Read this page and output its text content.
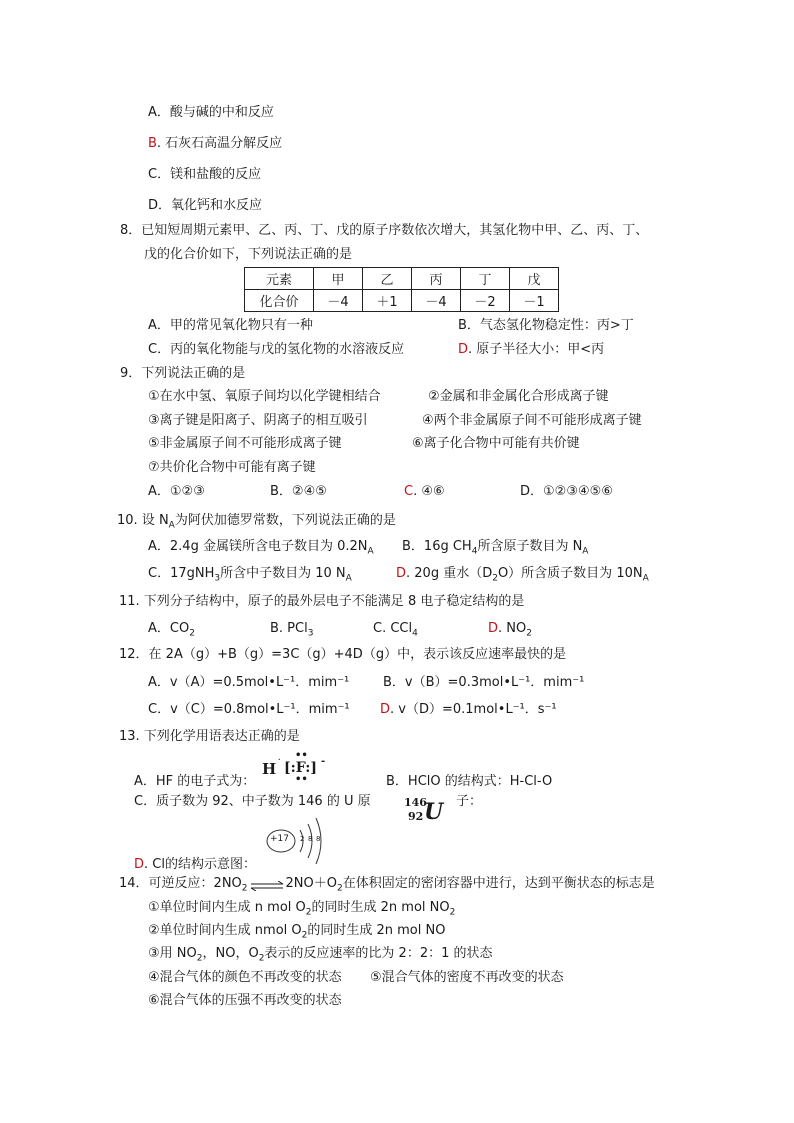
A．酸与碱的中和反应
B. 石灰石高温分解反应
C．镁和盐酸的反应
D．氧化钙和水反应
8．已知短周期元素甲、乙、丙、丁、戊的原子序数依次增大，其氢化物中甲、乙、丙、丁、
戊的化合价如下，下列说法正确的是
元素	甲	乙	丙	丁	戊
化合价	－4	＋1	－4	－2	－1
A．甲的常见氧化物只有一种	B．气态氢化物稳定性：丙>丁
C．丙的氧化物能与戊的氢化物的水溶液反应	D. 原子半径大小：甲<丙
9．下列说法正确的是
①在水中氢、氧原子间均以化学键相结合	②金属和非金属化合形成离子键
③离子键是阳离子、阴离子的相互吸引	④两个非金属原子间不可能形成离子键
⑤非金属原子间不可能形成离子键	⑥离子化合物中可能有共价键
⑦共价化合物中可能有离子键
A．①②③	B．②④⑤	C. ④⑥	D．①②③④⑤⑥
10. 设 $N_A$为阿伏加德罗常数，下列说法正确的是
A．2.4g 金属镁所含电子数目为 $0.2N_A$ B．16g $CH_4$所含原子数目为 $N_A$
C．17gNH$_3$所含中子数目为 10 $N_A$	D. 20g 重水$(D_2O)$所含质子数目为 $10N_A$
11. 下列分子结构中，原子的最外层电子不能满足 8 电子稳定结构的是
A．$CO_2$	B. PCl$_3$	C. CCl$_4$	D. $NO_2$
12．在 2A（g）+B（g）=3C（g）+4D（g）中，表示该反应速率最快的是
A．v（A）=0.5mol•L⁻¹．mim⁻¹	B．v（B）=0.3mol•L⁻¹．mim⁻¹
C．v（C）=0.8mol•L⁻¹．mim⁻¹ D. v（D）=0.1mol•L⁻¹．s⁻¹
13. 下列化学用语表达正确的是
A．HF 的电子式为：
H ˙ [:F:]
••
••
-
B．HClO 的结构式：H-Cl-O
C．质子数为 92、中子数为 146 的 U 原	146
92 U 子：
+17 2 8 8
D. Cl的结构示意图：
14．可逆反应：$2NO_2$ ⇌ $2NO+O_2$在体积固定的密闭容器中进行，达到平衡状态的标志是
①单位时间内生成 n mol $O_2$的同时生成 2n mol $NO_2$
②单位时间内生成 nmol $O_2$的同时生成 2n mol NO
③用 $NO_2$，NO，$O_2$表示的反应速率的比为 2：2：1 的状态
④混合气体的颜色不再改变的状态 ⑤混合气体的密度不再改变的状态
⑥混合气体的压强不再改变的状态
